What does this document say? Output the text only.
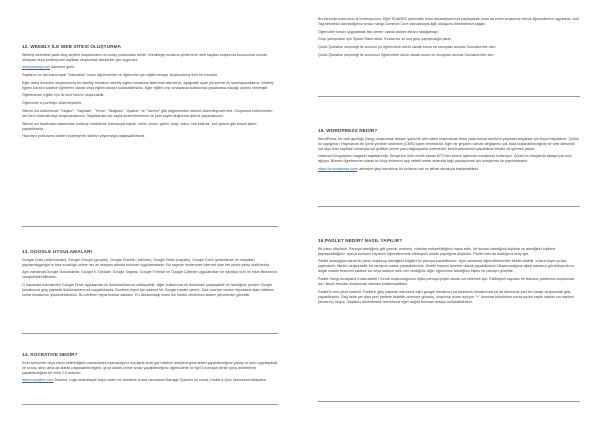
12. WEEBLY İLE WEB SİTESİ OLUŞTURMA

Weebly websitesi yada blog seyfesi oluşturmanın en kolay yollarından biridir. Sürükleyip bırakma yöntemi ile web sayfası oluşturma konusunda uzman olmayan veya profesyonel sayfalar oluşturmak isteyenler için uygundur.

www.weebly.com adresine girilir.

Sayfanın en üst kısmındaki "Education" kısmı öğretmenler ve öğrenciler için eğitim amaçlı oluşturulmuş özel bir kısımdır.

Eğer daha önceden oluşturulmuş bir weebly hesabını weebly eğitim hesabına aktarmak isterseniz, aşağıdaki uyarı penceresi ile karşılaşacaksınız. Weebly eğitim kısmını sadece öğretmen olarak veya eğitim amaçlı kullanabilirsiniz. Eğer eğitim dışı amaçlarda kullanılırsa yasaklama olacağı uyarısı verilmiştir.

Öğretmenler eğitim için iki sınıf tanımı oluşturabilir.

Öğrenciler e-portfolyo düzenleyebilir.

Sitenin üst bölümünde "Oluştur", "Sayfalar", "Tema", "Mağaza", "Ayarlar" ve "Yardım" gibi düğmelerden sitenizi düzenleyecek birli. Oluşturma bölümünden her türlü düzenlemeyi oluşturacaksınız. Sayfalardan ise sayfa düzenlemelerini ve yeni sayfa oluşturma işlerini yapacaksınız.

Sitenin sol tarafından tasarımları kullanıp sürükleme metoduyla başlık, metin, resim, galeri, slayt, video, link ekleme, kod görme gibi birçok işlem yapabilirsiniz.

Hazırlanı yoldurumu siteleri inceleyerek sitenizi yayınmaya başlayabilirsiniz.

13. GOOGLE UYGULAMALARI

Google Doks (dökümanlar), Google Groups (gruplar), Google Sheets ( tablolar), Google Slidis (slaytlar), Google Drive (yedekleme ve dosyaları paylaşma)google'ın bize sunduğu online her an erişimin altında bulunan uygulamalardır. Bu sayede verilerinize internet olan her yerde sahip olabilirsiniz.

Aynı zamanda Google Dokümanlar, Google E-Tablolar, Google Slaytlar, Google Formlar ve Google Çizimler uygulamaları ile işbirlikçi hızlı ve etkin fikirlerinizi zenginleştirebilirsiniz.

O hazırlada izlemlerden Google Drive uygulaması ile dokümanlarınızı saklayabilir, diğer kullanıcılar ile dokümanı paylaşabilir ve istediğiniz yerden Google hesabınıza giriş yaparak dokümanlarınıza ulaşabilirsiniz. Bunların hepsi için sadece bir Google hesabı yeterli. Size ücretsiz verilen depolama alanı bittikten sonra hesabınızı yükseltebilirsiniz. Bu verilerin hepsi bulutta saklanır. En dezavantajlı kısmı ise tümbu verilerinizi sistem yönetenleri görebilir.

14. SOCRATIVE NEDİR?

Sınıf içerisinde veya sözlü belirlediğiniz zamanlarda hazırladığınız sorularla anlık geri bildirim alabileceğiniz,anket yapabileceğiniz,yanlış ve soru uygulayarak ve sonuç alırın ama da alarak paylaşabileceğiniz, grup olarak online sınav yapabileceğiniz,öğrencilerle bir fgill 3 sonuçla dersin çıkış anketlerinp yapabileceğiniz bir Web 2.0 aracıdır.

www.socrative.com Teacher Login sekmesiyle kayıt olalım ve öncelikle a ana hazırlama Manage Quizzes ve sonra Create a Quiz sekmesini tıklayalım.

Bu ekranda sınavımızı is imversiyonus. Eğer SHARED yanındaki kodu arkadaşlarımıza paylaşacak onlar da bizim sınavımızı kendi öğrencilerine uygularlar. Add Tag sekmesi hazırladığımız sınavı hangi Common Core standardıyla ilgili olduğunu belirtmemizi sağlar.

Öğrenciler sınavı uygulatmak isin center olarak sistem ekranı natağamayı.

Grup yarışmaları için Space Race ideal. Sınavımız ve koş grup yapışmalığa yarar.

Quick Question seçeneği ile sonunu yu öğrencilere sözlü olarak sorun ve cevapları anında Socrative'den alın.

Quick Question seçeneği ile sorunuzu öğrencilere sözlü olarak sorun ve cevapları anında Socrative'den alın.

15. WORDPRESS NEDİR?

WordPress, bir web günlüğü (blog) oluşturmak isteyen yada bir web sitesi oluşturacak firma yada kurum tarafının yapmaki stayanlar için biçimi faydalıntır. Çünkü bu sayfgima ı Hsyedarda bir içerik yönetim sistemini (CMS) işaret etmektedir. Eğer bir yeşatım uzman değilseniz çok basit kullanabileceğiniz bir web sitesinde ora diyo özel sayfalar olmasıyla ise grafikle yerine para bilgisayarlar ödemeden kendi websitenizi yapabilme imkânı da görmek ykklar.

National Geographic magazin sayfalarında, Dünya'nın ünlü müzik kanalı MTV'de hobere ajdemde wordpress kullanıyor. Çünkü bu bloglarda aklaya yok hızlı ağlıyor. Bilerde öğretmenler olarak bu blog sistemini app veikeli mede anlendiş tağlı paylaşılmak için wordpress ile yapılmaktadır.

https://tr.wordpress.com/ adresine girip kendinize bir kullanıcı adı ve şifresi alınalıyla başlanabiliniz.

16.PADLET NEDİR? NASIL YAPILIR?

Bir pano düşünün. Panoya istediğiniz gibi yazılar, resimler, videolar ekleyebildiğiniz hayal edin. Ve bunları istediğiniz kişilerle ve istediğiniz kişilerle paylaşabildiğiniz, ayrıca bunların hepsinin öğrendirerinde etkileşimli olarak yapılığına düşünün. Padlet tam da aradığınız araç işte.

Padlet aracağıyla sanal bir pano oluşturup istediğiniz bilgileri bu panoya yazabilirsiniz. Aynı zamanda öğrencilerinizden fikirler alabilir, onlara beyin yırtası yaptırabilir, fikirleri oluşturabilir, bir tartışma ortamı yaratabilirsiniz. Ürtelik hepsini ücretsiz olarak yapabilirsiniz.Oluşturacağınız dijital pananızı görüldüyorlarını dilgisi mlakle reseveni sadece siz veya sadece sizin izin verdiğiniz diğer öğrenciniz istediğiniz kişiler bu panoyu görebilir.

Padlet Hangi Amaçlarla Kullanılabilir? Kendi oluşturduğunuz dijital panoya çeşitli olarak not eklemek için. Etkileşimli sayıdan ek farkımız platforma oluşturmak için. Beyin fırtınası oluşturmak sitemek kullanmabilirsiz.

Padlet'in ana yüzü sadedir. Padlet'e giriş yapmak isterseniz eğer google hesabınız ya facebook hesabınızla ya da dilerseniz yeni bir hesap oluşturarak giriş yapabilirsiniz. Sağ üstte yer alan yeni padlete tıklabilir oneconir görmüş, oluşturup ekran açılıyor "+" ikonuna tıkladıktan sonra açılan sayfa ortalıkı sırı sayfımi (duvarını) oluşur. Sayfanız düzenlemek istersseniz eğer sağda bulunan araçlar kullanabilirsiniz.
